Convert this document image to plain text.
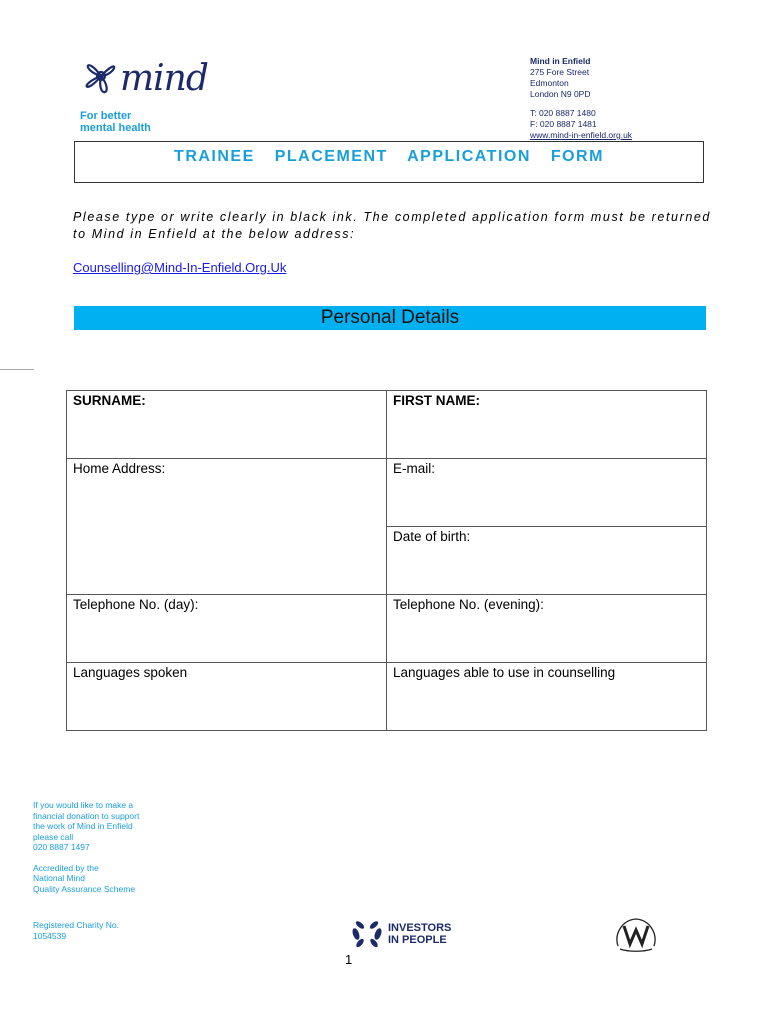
mind
For better
mental health
Mind in Enfield
275 Fore Street
Edmonton
London N9 0PD
T: 020 8887 1480
F: 020 8887 1481
www.mind-in-enfield.org.uk
TRAINEE PLACEMENT APPLICATION FORM
Please type or write clearly in black ink. The completed application form must be returned to Mind in Enfield at the below address:
Counselling@Mind-In-Enfield.Org.Uk
Personal Details
SURNAME:	FIRST NAME:
Home Address:	E-mail:
	Date of birth:
Telephone No. (day):	Telephone No. (evening):
Languages spoken	Languages able to use in counselling

If you would like to make a
financial donation to support
the work of Mind in Enfield
please call
020 8887 1497

Accredited by the
National Mind
Quality Assurance Scheme

Registered Charity No.
1054539

INVESTORS
IN PEOPLE
1
